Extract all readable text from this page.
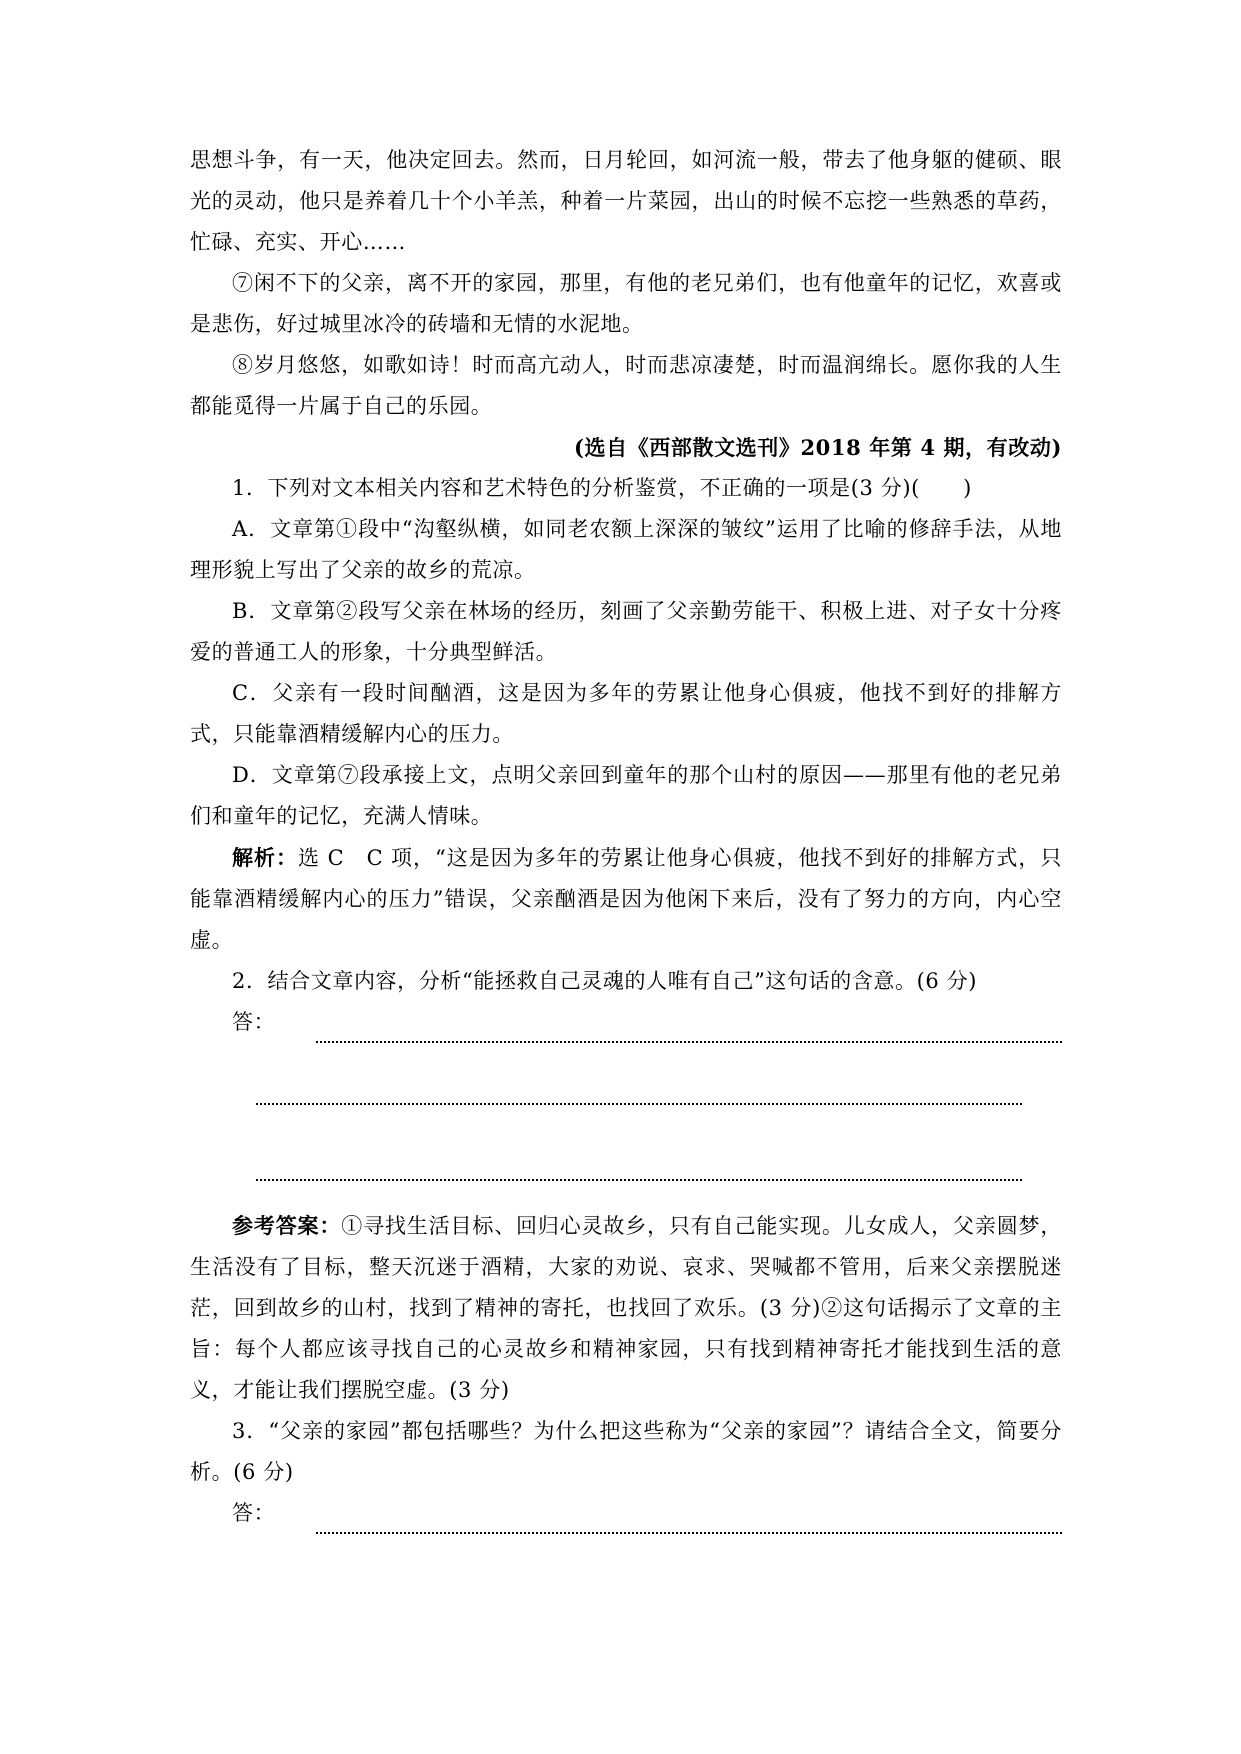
思想斗争，有一天，他决定回去。然而，日月轮回，如河流一般，带去了他身躯的健硕、眼光的灵动，他只是养着几十个小羊羔，种着一片菜园，出山的时候不忘挖一些熟悉的草药，忙碌、充实、开心……

⑦闲不下的父亲，离不开的家园，那里，有他的老兄弟们，也有他童年的记忆，欢喜或是悲伤，好过城里冰冷的砖墙和无情的水泥地。

⑧岁月悠悠，如歌如诗！时而高亢动人，时而悲凉凄楚，时而温润绵长。愿你我的人生都能觅得一片属于自己的乐园。

(选自《西部散文选刊》2018 年第 4 期，有改动)

1．下列对文本相关内容和艺术特色的分析鉴赏，不正确的一项是(3 分)(　　)

A．文章第①段中“沟壑纵横，如同老农额上深深的皱纹”运用了比喻的修辞手法，从地理形貌上写出了父亲的故乡的荒凉。

B．文章第②段写父亲在林场的经历，刻画了父亲勤劳能干、积极上进、对子女十分疼爱的普通工人的形象，十分典型鲜活。

C．父亲有一段时间酗酒，这是因为多年的劳累让他身心俱疲，他找不到好的排解方式，只能靠酒精缓解内心的压力。

D．文章第⑦段承接上文，点明父亲回到童年的那个山村的原因——那里有他的老兄弟们和童年的记忆，充满人情味。

解析：选 C　C 项，“这是因为多年的劳累让他身心俱疲，他找不到好的排解方式，只能靠酒精缓解内心的压力”错误，父亲酗酒是因为他闲下来后，没有了努力的方向，内心空虚。

2．结合文章内容，分析“能拯救自己灵魂的人唯有自己”这句话的含意。(6 分)

答：

参考答案：①寻找生活目标、回归心灵故乡，只有自己能实现。儿女成人，父亲圆梦，生活没有了目标，整天沉迷于酒精，大家的劝说、哀求、哭喊都不管用，后来父亲摆脱迷茫，回到故乡的山村，找到了精神的寄托，也找回了欢乐。(3 分)②这句话揭示了文章的主旨：每个人都应该寻找自己的心灵故乡和精神家园，只有找到精神寄托才能找到生活的意义，才能让我们摆脱空虚。(3 分)

3．“父亲的家园”都包括哪些？为什么把这些称为“父亲的家园”？请结合全文，简要分析。(6 分)

答：
